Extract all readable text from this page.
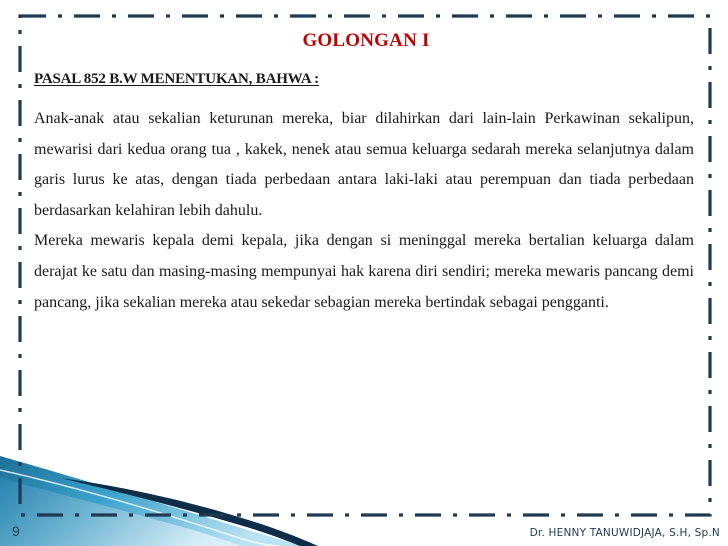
GOLONGAN I
PASAL 852 B.W MENENTUKAN, BAHWA :

Anak-anak atau sekalian keturunan mereka, biar dilahirkan dari lain-lain Perkawinan sekalipun, mewarisi dari kedua orang tua , kakek, nenek atau semua keluarga sedarah mereka selanjutnya dalam garis lurus ke atas, dengan tiada perbedaan antara laki-laki atau perempuan dan tiada perbedaan berdasarkan kelahiran lebih dahulu.

Mereka mewaris kepala demi kepala, jika dengan si meninggal mereka bertalian keluarga dalam derajat ke satu dan masing-masing mempunyai hak karena diri sendiri; mereka mewaris pancang demi pancang, jika sekalian mereka atau sekedar sebagian mereka bertindak sebagai pengganti.

9	Dr. HENNY TANUWIDJAJA, S.H, Sp.N
